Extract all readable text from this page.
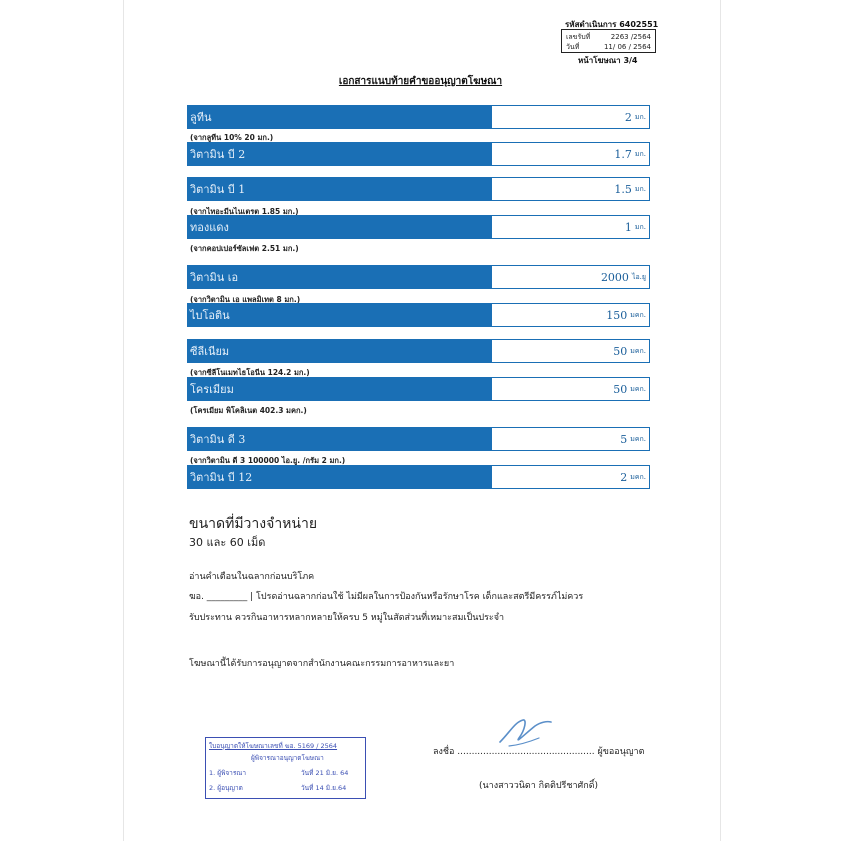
รหัสดำเนินการ 6402551
เลขรับที่	2263 /2564
วันที่	11/ 06 / 2564
หน้าโฆษณา 3/4
เอกสารแนบท้ายคำขออนุญาตโฆษณา
ลูทีน	2 มก.
(จากลูทีน 10% 20 มก.)
วิตามิน บี 2	1.7 มก.
วิตามิน บี 1	1.5 มก.
(จากไทอะมีนไนเตรต 1.85 มก.)
ทองแดง	1 มก.
(จากคอปเปอร์ซัลเฟต 2.51 มก.)
วิตามิน เอ	2000 ไอ.ยู
(จากวิตามิน เอ แพลมิเทต 8 มก.)
ไบโอติน	150 มคก.
ซีลีเนียม	50 มคก.
(จากซีลีโนเมทไธโอนีน 124.2 มก.)
โครเมียม	50 มคก.
(โครเมียม พิโคลิเนต 402.3 มคก.)
วิตามิน ดี 3	5 มคก.
(จากวิตามิน ดี 3 100000 ไอ.ยู. /กรัม 2 มก.)
วิตามิน บี 12	2 มคก.
ขนาดที่มีวางจำหน่าย
30 และ 60 เม็ด
อ่านคำเตือนในฉลากก่อนบริโภค
ฆอ. _________ | โปรดอ่านฉลากก่อนใช้ ไม่มีผลในการป้องกันหรือรักษาโรค เด็กและสตรีมีครรภ์ไม่ควร
รับประทาน ควรกินอาหารหลากหลายให้ครบ 5 หมู่ในสัดส่วนที่เหมาะสมเป็นประจำ
โฆษณานี้ได้รับการอนุญาตจากสำนักงานคณะกรรมการอาหารและยา
ใบอนุญาตให้โฆษณาเลขที่ ฆอ. 5169 / 2564
ผู้พิจารณาอนุญาตโฆษณา
1. ผู้พิจารณา	วันที่ 21 มิ.ย. 64
2. ผู้อนุญาต	วันที่ 14 มิ.ย.64
ลงชื่อ ................................................ ผู้ขออนุญาต
(นางสาววนิดา กิตติปรีชาศักดิ์)
